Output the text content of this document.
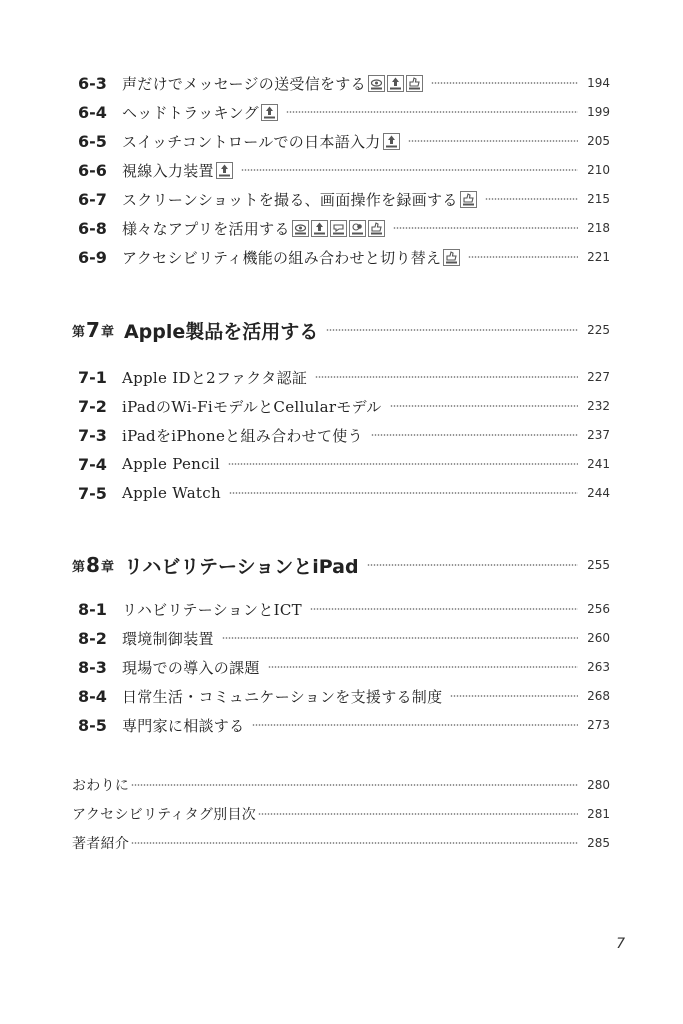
6-3	声だけでメッセージの送受信をする	194
6-4	ヘッドトラッキング	199
6-5	スイッチコントロールでの日本語入力	205
6-6	視線入力装置	210
6-7	スクリーンショットを撮る、画面操作を録画する	215
6-8	様々なアプリを活用する	218
6-9	アクセシビリティ機能の組み合わせと切り替え	221
第 7 章 Apple製品を活用する	225
7-1	Apple IDと2ファクタ認証	227
7-2	iPadのWi-FiモデルとCellularモデル	232
7-3	iPadをiPhoneと組み合わせて使う	237
7-4	Apple Pencil	241
7-5	Apple Watch	244
第 8 章 リハビリテーションとiPad	255
8-1	リハビリテーションとICT	256
8-2	環境制御装置	260
8-3	現場での導入の課題	263
8-4	日常生活・コミュニケーションを支援する制度	268
8-5	専門家に相談する	273
おわりに	280
アクセシビリティタグ別目次	281
著者紹介	285
7
